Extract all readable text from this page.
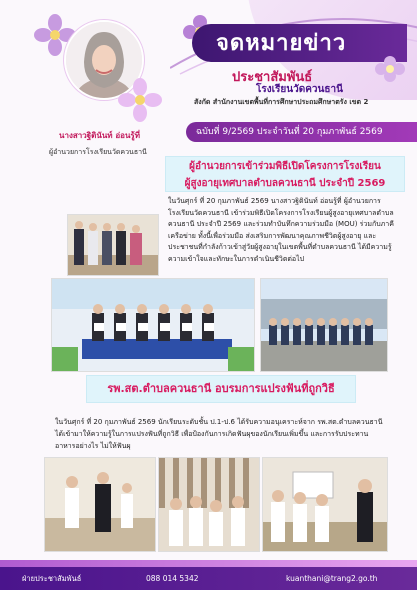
จดหมายข่าว
ประชาสัมพันธ์
โรงเรียนวัดควนธานี
สังกัด สำนักงานเขตพื้นที่การศึกษาประถมศึกษาตรัง เขต 2
ฉบับที่ 9/2569 ประจำวันที่ 20 กุมภาพันธ์ 2569
นางสาวฐิตินันท์ อ่อนรู้ที่
ผู้อำนวยการโรงเรียนวัดควนธานี
ผู้อำนวยการเข้าร่วมพิธีเปิดโครงการโรงเรียน
ผู้สูงอายุเทศบาลตำบลควนธานี ประจำปี 2569
ในวันศุกร์ ที่ 20 กุมภาพันธ์ 2569 นางสาวฐิตินันท์ อ่อนรู้ที่ ผู้อำนวยการโรงเรียนวัดควนธานี เข้าร่วมพิธีเปิดโครงการโรงเรียนผู้สูงอายุเทศบาลตำบลควนธานี ประจำปี 2569 และร่วมทำบันทึกความร่วมมือ (MOU) ร่วมกับภาคีเครือข่าย ทั้งนี้เพื่อร่วมมือ ส่งเสริมการพัฒนาคุณภาพชีวิตผู้สูงอายุ และประชาชนที่กำลังก้าวเข้าสู่วัยผู้สูงอายุในเขตพื้นที่ตำบลควนธานี ได้มีความรู้ ความเข้าใจและทักษะในการดำเนินชีวิตต่อไป
รพ.สต.ตำบลควนธานี อบรมการแปรงฟันที่ถูกวิธี
ในวันศุกร์ ที่ 20 กุมภาพันธ์ 2569 นักเรียนระดับชั้น ป.1-ป.6 ได้รับความอนุเคราะห์จาก รพ.สต.ตำบลควนธานี ได้เข้ามาให้ความรู้ในการแปรงฟันที่ถูกวิธี เพื่อป้องกันการเกิดฟันผุของนักเรียนเพิ่มขึ้น และการรับประทานอาหารอย่างไร ไม่ให้ฟันผุ
ฝ่ายประชาสัมพันธ์	088 014 5342	kuanthani@trang2.go.th
